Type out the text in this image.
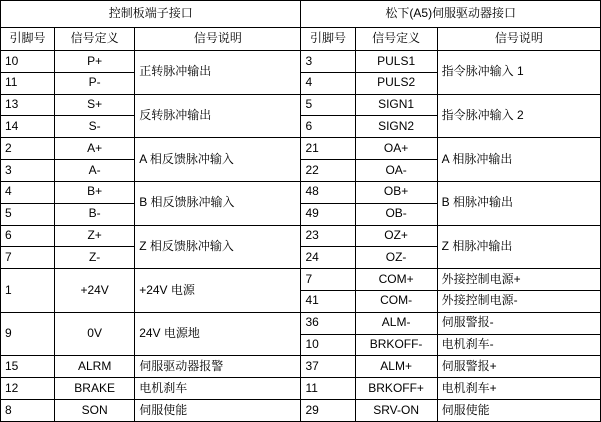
控制板端子接口			松下(A5)伺服驱动器接口		
引脚号	信号定义	信号说明	引脚号	信号定义	信号说明
10	P+	正转脉冲输出	3	PULS1	指令脉冲输入 1
11	P-		4	PULS2	
13	S+	反转脉冲输出	5	SIGN1	指令脉冲输入 2
14	S-		6	SIGN2	
2	A+	A 相反馈脉冲输入	21	OA+	A 相脉冲输出
3	A-		22	OA-	
4	B+	B 相反馈脉冲输入	48	OB+	B 相脉冲输出
5	B-		49	OB-	
6	Z+	Z 相反馈脉冲输入	23	OZ+	Z 相脉冲输出
7	Z-		24	OZ-	
1	+24V	+24V 电源	7	COM+	外接控制电源+
			41	COM-	外接控制电源-
9	0V	24V 电源地	36	ALM-	伺服警报-
			10	BRKOFF-	电机刹车-
15	ALRM	伺服驱动器报警	37	ALM+	伺服警报+
12	BRAKE	电机刹车	11	BRKOFF+	电机刹车+
8	SON	伺服使能	29	SRV-ON	伺服使能
